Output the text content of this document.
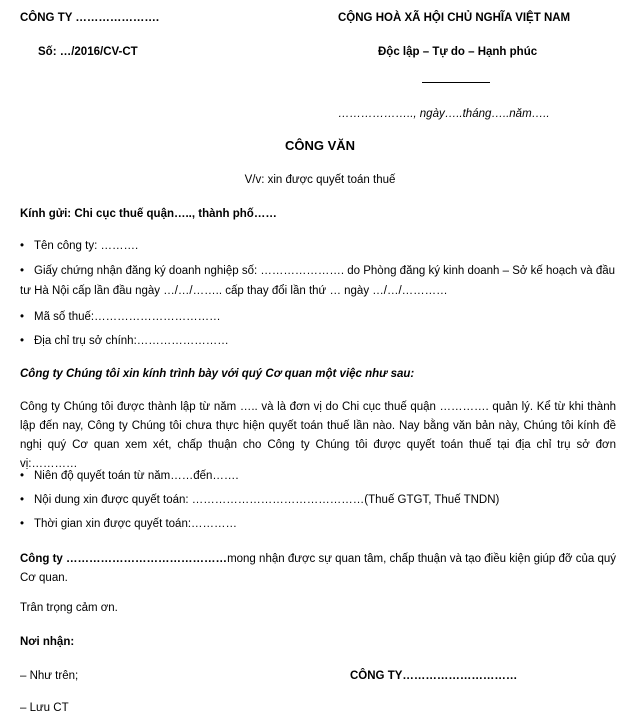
CÔNG TY ………………….
Số: …/2016/CV-CT
CỘNG HOÀ XÃ HỘI CHỦ NGHĨA VIỆT NAM
Độc lập – Tự do – Hạnh phúc
……………….., ngày…..tháng…..năm…..
CÔNG VĂN
V/v: xin được quyết toán thuế
Kính gửi: Chi cục thuế quận….., thành phố……
• Tên công ty: ……….
• Giấy chứng nhận đăng ký doanh nghiệp số: …………………. do Phòng đăng ký kinh doanh – Sở kế hoạch và đầu
tư Hà Nội cấp lần đầu ngày …/…/…….. cấp thay đổi lần thứ … ngày …/…/…………
• Mã số thuế:……………………………
• Địa chỉ trụ sở chính:……………………
Công ty Chúng tôi xin kính trình bày với quý Cơ quan một việc như sau:
Công ty Chúng tôi được thành lập từ năm ….. và là đơn vị do Chi cục thuế quận …………. quản lý. Kể từ khi thành lập đến nay, Công ty Chúng tôi chưa thực hiện quyết toán thuế lần nào. Nay bằng văn bản này, Chúng tôi kính đề nghị quý Cơ quan xem xét, chấp thuận cho Công ty Chúng tôi được quyết toán thuế tại địa chỉ trụ sở đơn vị:…………
• Niên độ quyết toán từ năm……đến…….
• Nội dung xin được quyết toán: ………………………………………(Thuế GTGT, Thuế TNDN)
• Thời gian xin được quyết toán:…………
Công ty ……………………………………mong nhận được sự quan tâm, chấp thuận và tạo điều kiện giúp đỡ của quý Cơ quan.
Trân trọng cảm ơn.
Nơi nhận:
– Như trên;
– Lưu CT
CÔNG TY…………………………
